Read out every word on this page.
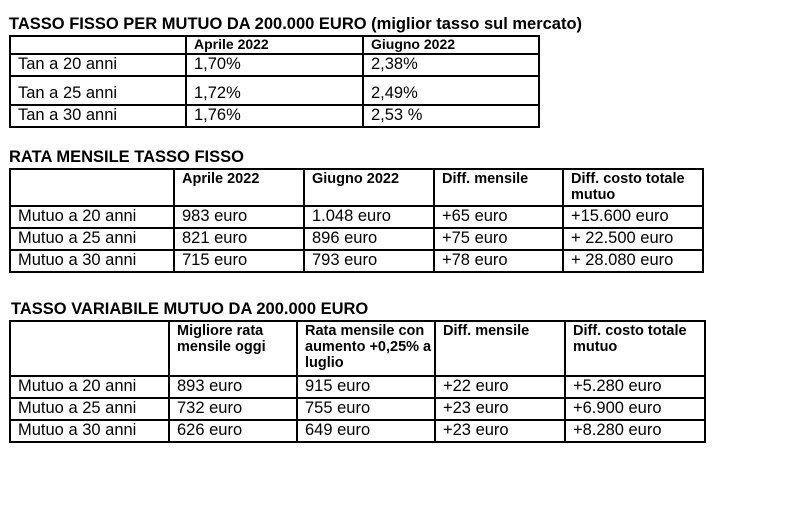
TASSO FISSO PER MUTUO DA 200.000 EURO (miglior tasso sul mercato)
	Aprile 2022	Giugno 2022
Tan a 20 anni	1,70%	2,38%
Tan a 25 anni	1,72%	2,49%
Tan a 30 anni	1,76%	2,53 %
RATA MENSILE TASSO FISSO
	Aprile 2022	Giugno 2022	Diff. mensile	Diff. costo totale mutuo
Mutuo a 20 anni	983 euro	1.048 euro	+65 euro	+15.600 euro
Mutuo a 25 anni	821 euro	896 euro	+75 euro	+ 22.500 euro
Mutuo a 30 anni	715 euro	793 euro	+78 euro	+ 28.080 euro
TASSO VARIABILE MUTUO DA 200.000 EURO
	Migliore rata mensile oggi	Rata mensile con aumento +0,25% a luglio	Diff. mensile	Diff. costo totale mutuo
Mutuo a 20 anni	893 euro	915 euro	+22 euro	+5.280 euro
Mutuo a 25 anni	732 euro	755 euro	+23 euro	+6.900 euro
Mutuo a 30 anni	626 euro	649 euro	+23 euro	+8.280 euro
